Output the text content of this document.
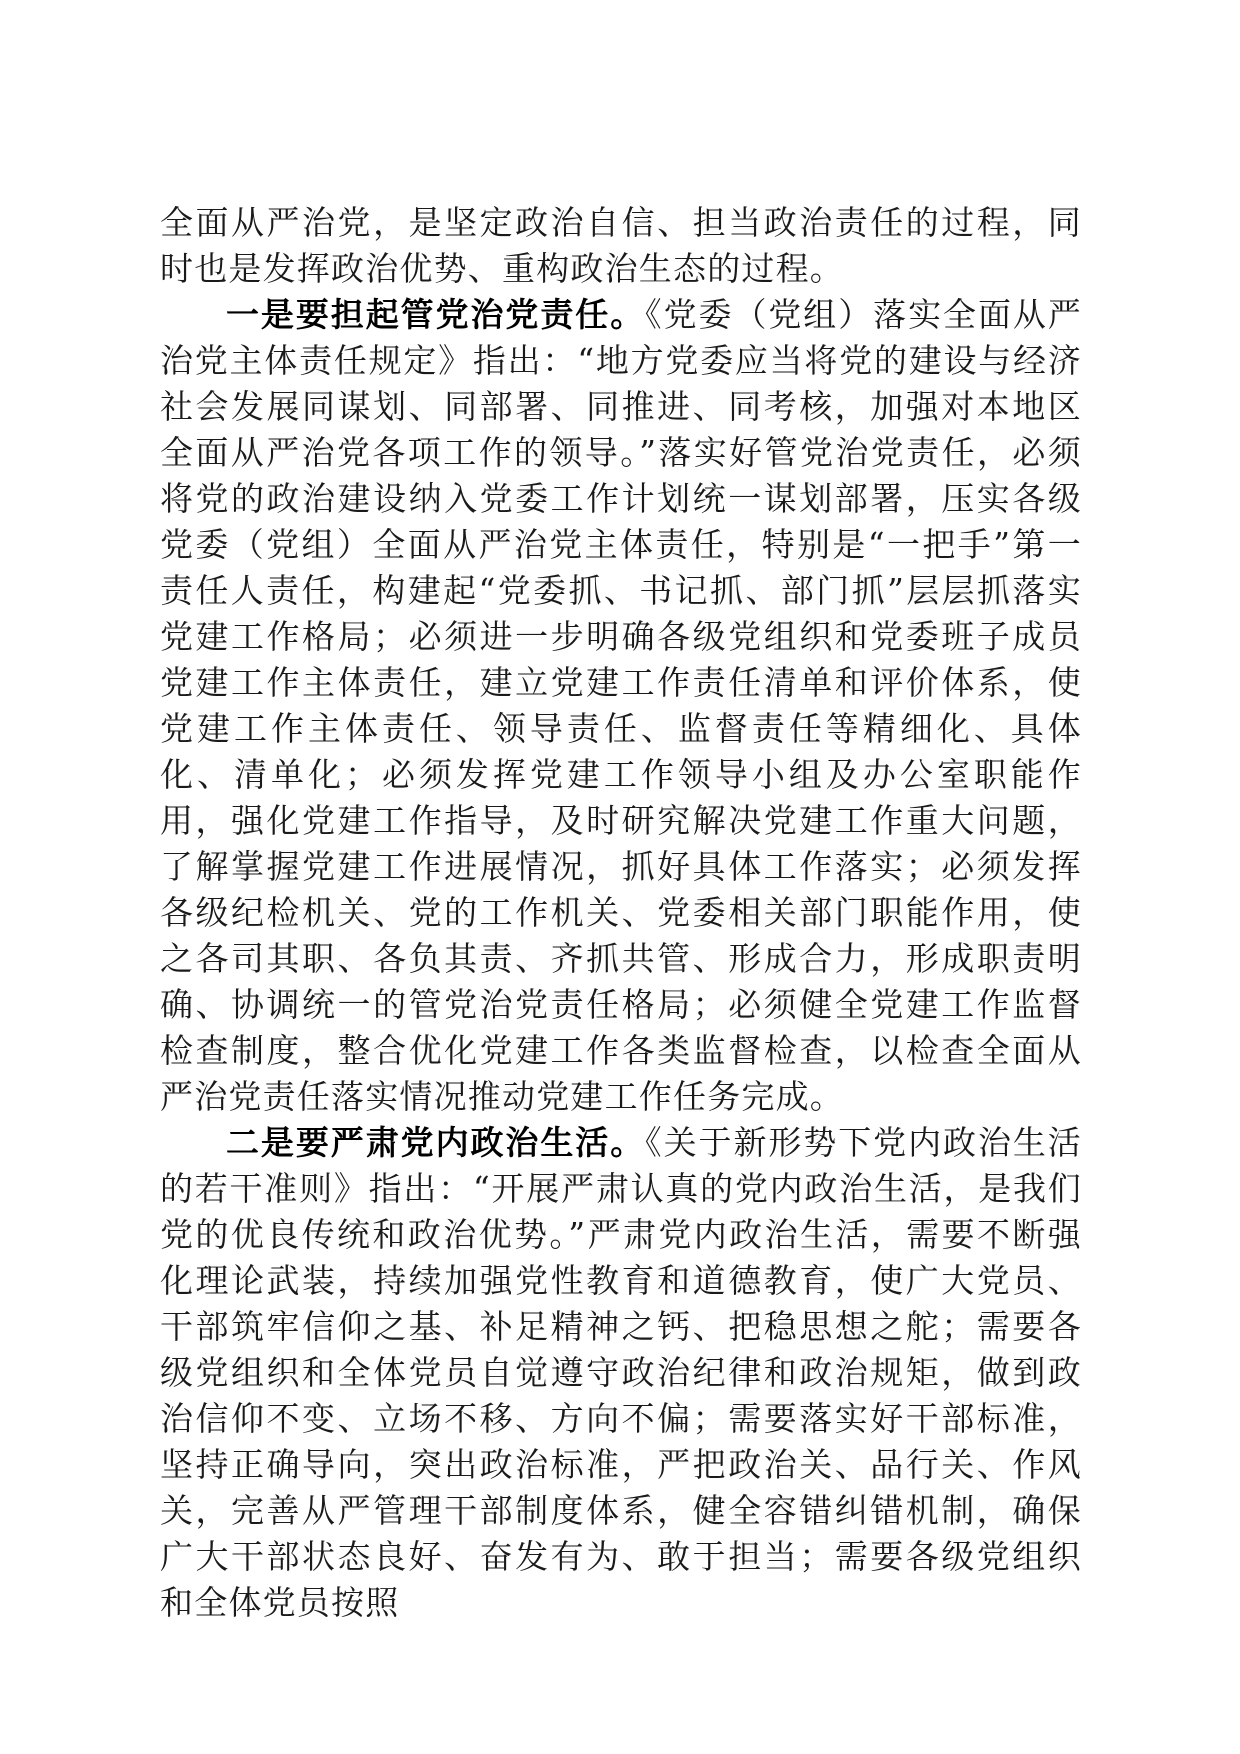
全面从严治党，是坚定政治自信、担当政治责任的过程，同时也是发挥政治优势、重构政治生态的过程。

一是要担起管党治党责任。《党委（党组）落实全面从严治党主体责任规定》指出：“地方党委应当将党的建设与经济社会发展同谋划、同部署、同推进、同考核，加强对本地区全面从严治党各项工作的领导。”落实好管党治党责任，必须将党的政治建设纳入党委工作计划统一谋划部署，压实各级党委（党组）全面从严治党主体责任，特别是“一把手”第一责任人责任，构建起“党委抓、书记抓、部门抓”层层抓落实党建工作格局；必须进一步明确各级党组织和党委班子成员党建工作主体责任，建立党建工作责任清单和评价体系，使党建工作主体责任、领导责任、监督责任等精细化、具体化、清单化；必须发挥党建工作领导小组及办公室职能作用，强化党建工作指导，及时研究解决党建工作重大问题，了解掌握党建工作进展情况，抓好具体工作落实；必须发挥各级纪检机关、党的工作机关、党委相关部门职能作用，使之各司其职、各负其责、齐抓共管、形成合力，形成职责明确、协调统一的管党治党责任格局；必须健全党建工作监督检查制度，整合优化党建工作各类监督检查，以检查全面从严治党责任落实情况推动党建工作任务完成。

二是要严肃党内政治生活。《关于新形势下党内政治生活的若干准则》指出：“开展严肃认真的党内政治生活，是我们党的优良传统和政治优势。”严肃党内政治生活，需要不断强化理论武装，持续加强党性教育和道德教育，使广大党员、干部筑牢信仰之基、补足精神之钙、把稳思想之舵；需要各级党组织和全体党员自觉遵守政治纪律和政治规矩，做到政治信仰不变、立场不移、方向不偏；需要落实好干部标准，坚持正确导向，突出政治标准，严把政治关、品行关、作风关，完善从严管理干部制度体系，健全容错纠错机制，确保广大干部状态良好、奋发有为、敢于担当；需要各级党组织和全体党员按照
